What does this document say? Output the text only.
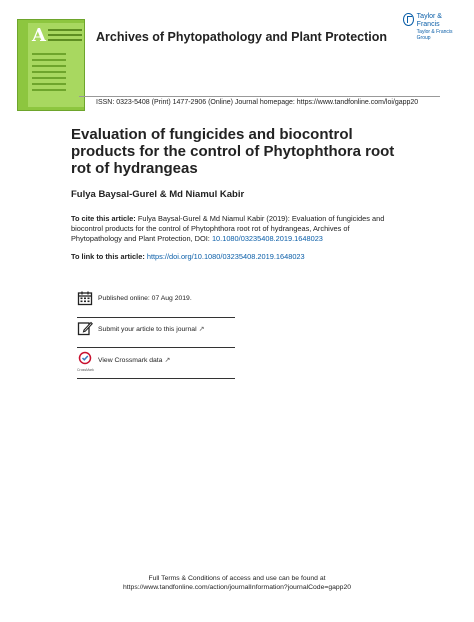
A	Archives of Phytopathology and Plant Protection
Taylor & Francis
Taylor & Francis Group
ISSN: 0323-5408 (Print) 1477-2906 (Online) Journal homepage: https://www.tandfonline.com/loi/gapp20
Evaluation of fungicides and biocontrol products for the control of Phytophthora root rot of hydrangeas
Fulya Baysal-Gurel & Md Niamul Kabir
To cite this article: Fulya Baysal-Gurel & Md Niamul Kabir (2019): Evaluation of fungicides and biocontrol products for the control of Phytophthora root rot of hydrangeas, Archives of Phytopathology and Plant Protection, DOI: 10.1080/03235408.2019.1648023
To link to this article: https://doi.org/10.1080/03235408.2019.1648023
Published online: 07 Aug 2019.
Submit your article to this journal ↗
CrossMark
View Crossmark data ↗
Full Terms & Conditions of access and use can be found at
https://www.tandfonline.com/action/journalInformation?journalCode=gapp20
